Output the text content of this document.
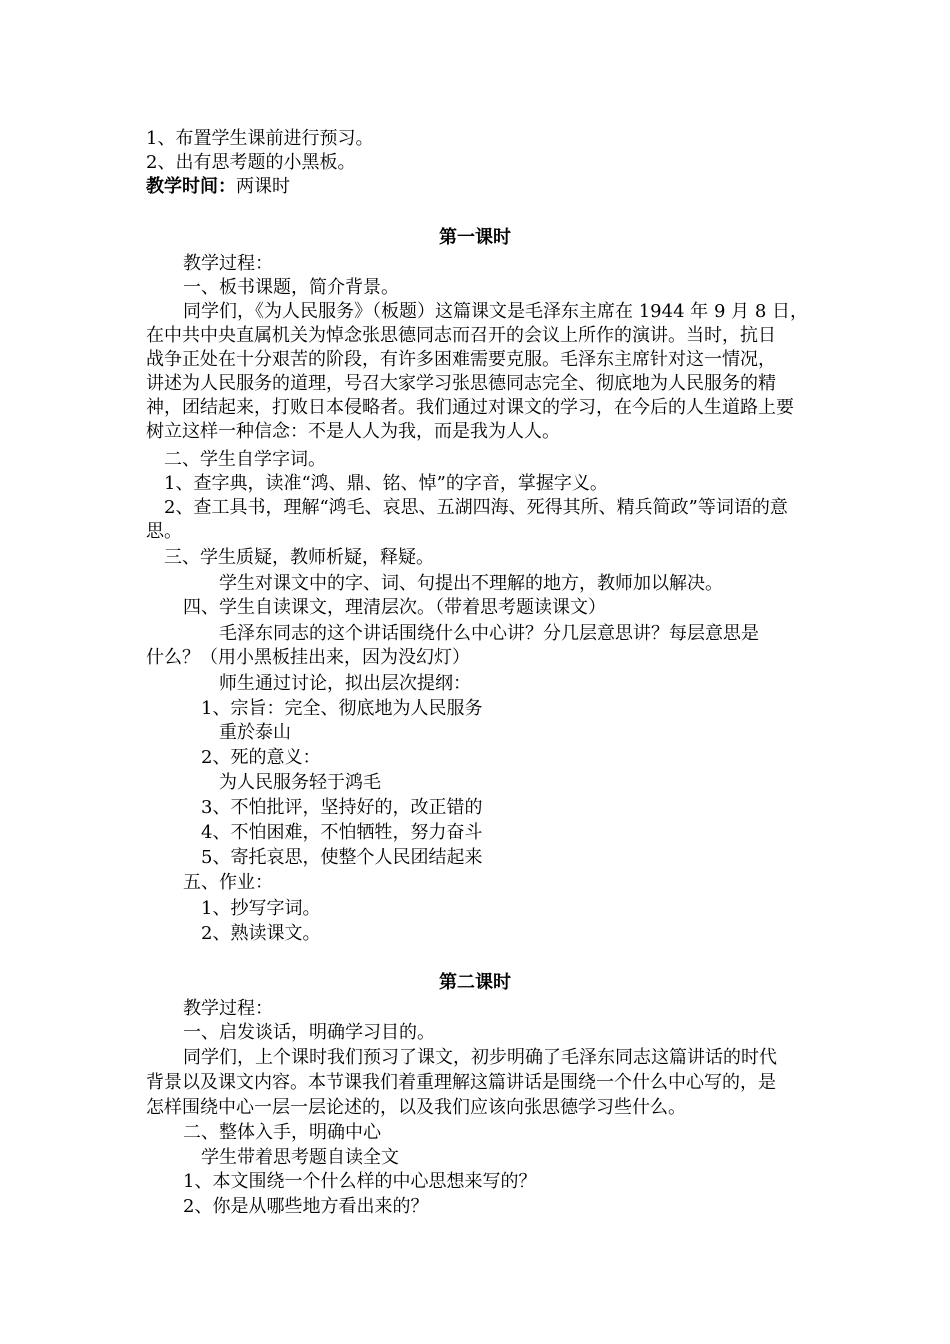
1、布置学生课前进行预习。
2、出有思考题的小黑板。
教学时间：两课时
第一课时
教学过程：
一、板书课题，简介背景。
同学们，《为人民服务》（板题）这篇课文是毛泽东主席在 1944 年 9 月 8 日，
在中共中央直属机关为悼念张思德同志而召开的会议上所作的演讲。当时，抗日
战争正处在十分艰苦的阶段，有许多困难需要克服。毛泽东主席针对这一情况，
讲述为人民服务的道理，号召大家学习张思德同志完全、彻底地为人民服务的精
神，团结起来，打败日本侵略者。我们通过对课文的学习，在今后的人生道路上要
树立这样一种信念：不是人人为我，而是我为人人。
二、学生自学字词。
1、查字典，读准“鸿、鼎、铭、悼”的字音，掌握字义。
2、查工具书，理解“鸿毛、哀思、五湖四海、死得其所、精兵简政”等词语的意
思。
三、学生质疑，教师析疑，释疑。
学生对课文中的字、词、句提出不理解的地方，教师加以解决。
四、学生自读课文，理清层次。（带着思考题读课文）
毛泽东同志的这个讲话围绕什么中心讲？分几层意思讲？每层意思是
什么？（用小黑板挂出来，因为没幻灯）
师生通过讨论，拟出层次提纲：
1、宗旨：完全、彻底地为人民服务
重於泰山
2、死的意义：
为人民服务轻于鸿毛
3、不怕批评，坚持好的，改正错的
4、不怕困难，不怕牺牲，努力奋斗
5、寄托哀思，使整个人民团结起来
五、作业：
1、抄写字词。
2、熟读课文。
第二课时
教学过程：
一、启发谈话，明确学习目的。
同学们，上个课时我们预习了课文，初步明确了毛泽东同志这篇讲话的时代
背景以及课文内容。本节课我们着重理解这篇讲话是围绕一个什么中心写的，是
怎样围绕中心一层一层论述的，以及我们应该向张思德学习些什么。
二、整体入手，明确中心
学生带着思考题自读全文
1、本文围绕一个什么样的中心思想来写的？
2、你是从哪些地方看出来的？
